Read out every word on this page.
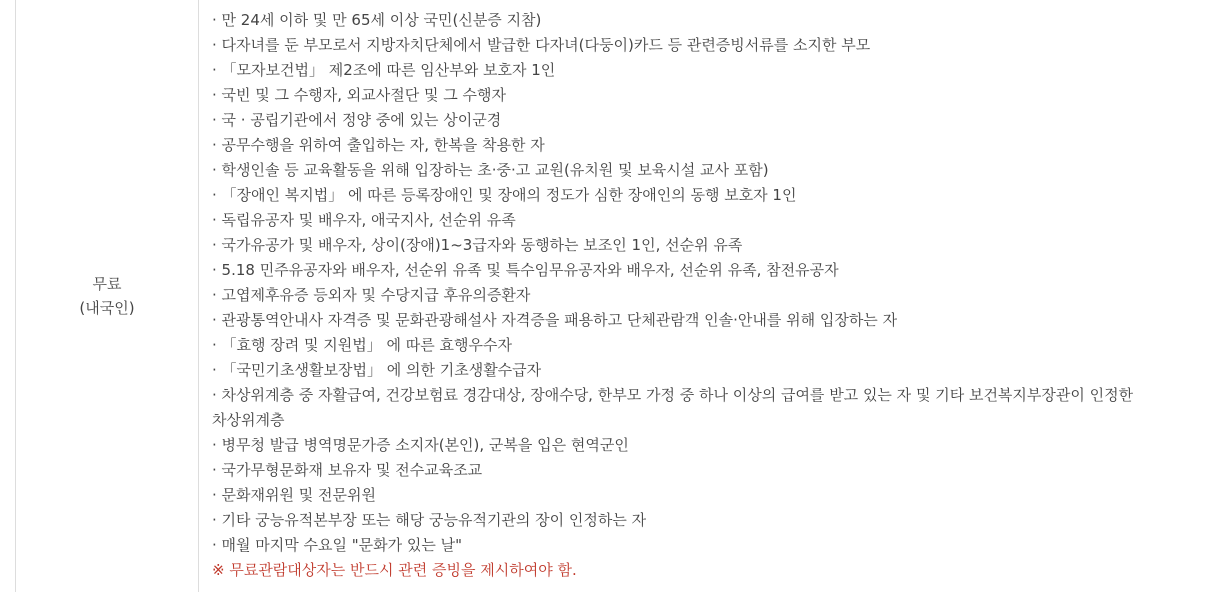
무료
(내국인)
· 만 24세 이하 및 만 65세 이상 국민(신분증 지참)
· 다자녀를 둔 부모로서 지방자치단체에서 발급한 다자녀(다둥이)카드 등 관련증빙서류를 소지한 부모
· 「모자보건법」 제2조에 따른 임산부와 보호자 1인
· 국빈 및 그 수행자, 외교사절단 및 그 수행자
· 국 · 공립기관에서 정양 중에 있는 상이군경
· 공무수행을 위하여 출입하는 자, 한복을 착용한 자
· 학생인솔 등 교육활동을 위해 입장하는 초·중·고 교원(유치원 및 보육시설 교사 포함)
· 「장애인 복지법」 에 따른 등록장애인 및 장애의 정도가 심한 장애인의 동행 보호자 1인
· 독립유공자 및 배우자, 애국지사, 선순위 유족
· 국가유공가 및 배우자, 상이(장애)1~3급자와 동행하는 보조인 1인, 선순위 유족
· 5.18 민주유공자와 배우자, 선순위 유족 및 특수임무유공자와 배우자, 선순위 유족, 참전유공자
· 고엽제후유증 등외자 및 수당지급 후유의증환자
· 관광통역안내사 자격증 및 문화관광해설사 자격증을 패용하고 단체관람객 인솔·안내를 위해 입장하는 자
· 「효행 장려 및 지원법」 에 따른 효행우수자
· 「국민기초생활보장법」 에 의한 기초생활수급자
· 차상위계층 중 자활급여, 건강보험료 경감대상, 장애수당, 한부모 가정 중 하나 이상의 급여를 받고 있는 자 및 기타 보건복지부장관이 인정한 차상위계층
· 병무청 발급 병역명문가증 소지자(본인), 군복을 입은 현역군인
· 국가무형문화재 보유자 및 전수교육조교
· 문화재위원 및 전문위원
· 기타 궁능유적본부장 또는 해당 궁능유적기관의 장이 인정하는 자
· 매월 마지막 수요일 "문화가 있는 날"
※ 무료관람대상자는 반드시 관련 증빙을 제시하여야 함.
